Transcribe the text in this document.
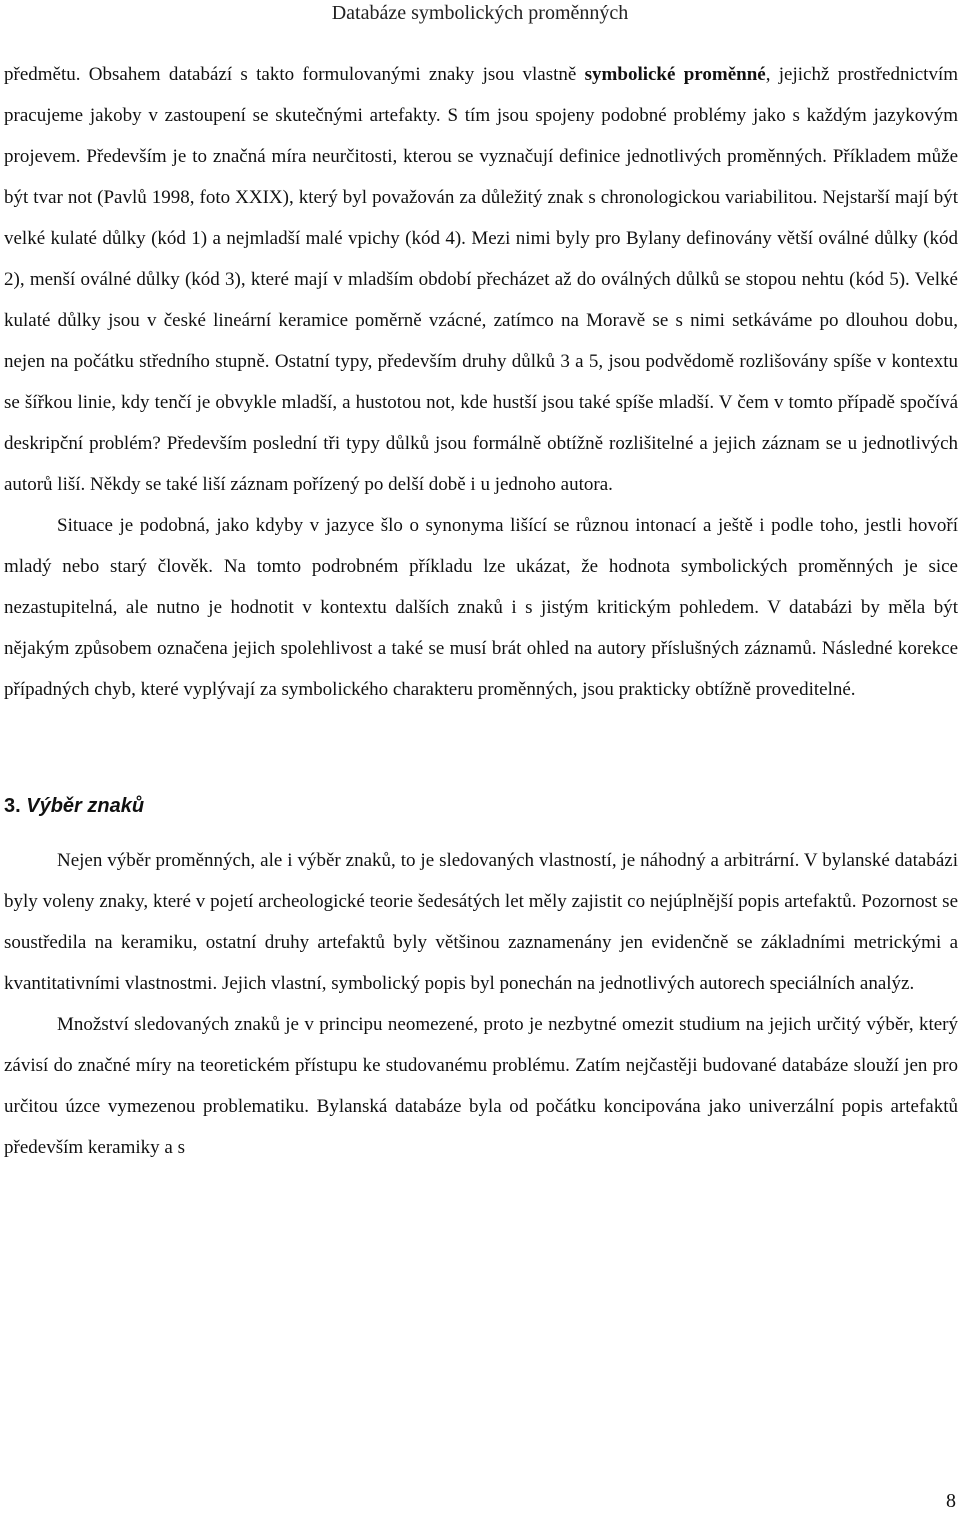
Databáze symbolických proměnných

předmětu. Obsahem databází s takto formulovanými znaky jsou vlastně symbolické proměnné, jejichž prostřednictvím pracujeme jakoby v zastoupení se skutečnými artefakty. S tím jsou spojeny podobné problémy jako s každým jazykovým projevem. Především je to značná míra neurčitosti, kterou se vyznačují definice jednotlivých proměnných. Příkladem může být tvar not (Pavlů 1998, foto XXIX), který byl považován za důležitý znak s chronologickou variabilitou. Nejstarší mají být velké kulaté důlky (kód 1) a nejmladší malé vpichy (kód 4). Mezi nimi byly pro Bylany definovány větší oválné důlky (kód 2), menší oválné důlky (kód 3), které mají v mladším období přecházet až do oválných důlků se stopou nehtu (kód 5). Velké kulaté důlky jsou v české lineární keramice poměrně vzácné, zatímco na Moravě se s nimi setkáváme po dlouhou dobu, nejen na počátku středního stupně. Ostatní typy, především druhy důlků 3 a 5, jsou podvědomě rozlišovány spíše v kontextu se šířkou linie, kdy tenčí je obvykle mladší, a hustotou not, kde hustší jsou také spíše mladší. V čem v tomto případě spočívá deskripční problém? Především poslední tři typy důlků jsou formálně obtížně rozlišitelné a jejich záznam se u jednotlivých autorů liší. Někdy se také liší záznam pořízený po delší době i u jednoho autora.

Situace je podobná, jako kdyby v jazyce šlo o synonyma lišící se různou intonací a ještě i podle toho, jestli hovoří mladý nebo starý člověk. Na tomto podrobném příkladu lze ukázat, že hodnota symbolických proměnných je sice nezastupitelná, ale nutno je hodnotit v kontextu dalších znaků i s jistým kritickým pohledem. V databázi by měla být nějakým způsobem označena jejich spolehlivost a také se musí brát ohled na autory příslušných záznamů. Následné korekce případných chyb, které vyplývají za symbolického charakteru proměnných, jsou prakticky obtížně proveditelné.

3. Výběr znaků

Nejen výběr proměnných, ale i výběr znaků, to je sledovaných vlastností, je náhodný a arbitrární. V bylanské databázi byly voleny znaky, které v pojetí archeologické teorie šedesátých let měly zajistit co nejúplnější popis artefaktů. Pozornost se soustředila na keramiku, ostatní druhy artefaktů byly většinou zaznamenány jen evidenčně se základními metrickými a kvantitativními vlastnostmi. Jejich vlastní, symbolický popis byl ponechán na jednotlivých autorech speciálních analýz.

Množství sledovaných znaků je v principu neomezené, proto je nezbytné omezit studium na jejich určitý výběr, který závisí do značné míry na teoretickém přístupu ke studovanému problému. Zatím nejčastěji budované databáze slouží jen pro určitou úzce vymezenou problematiku. Bylanská databáze byla od počátku koncipována jako univerzální popis artefaktů především keramiky a s

8
